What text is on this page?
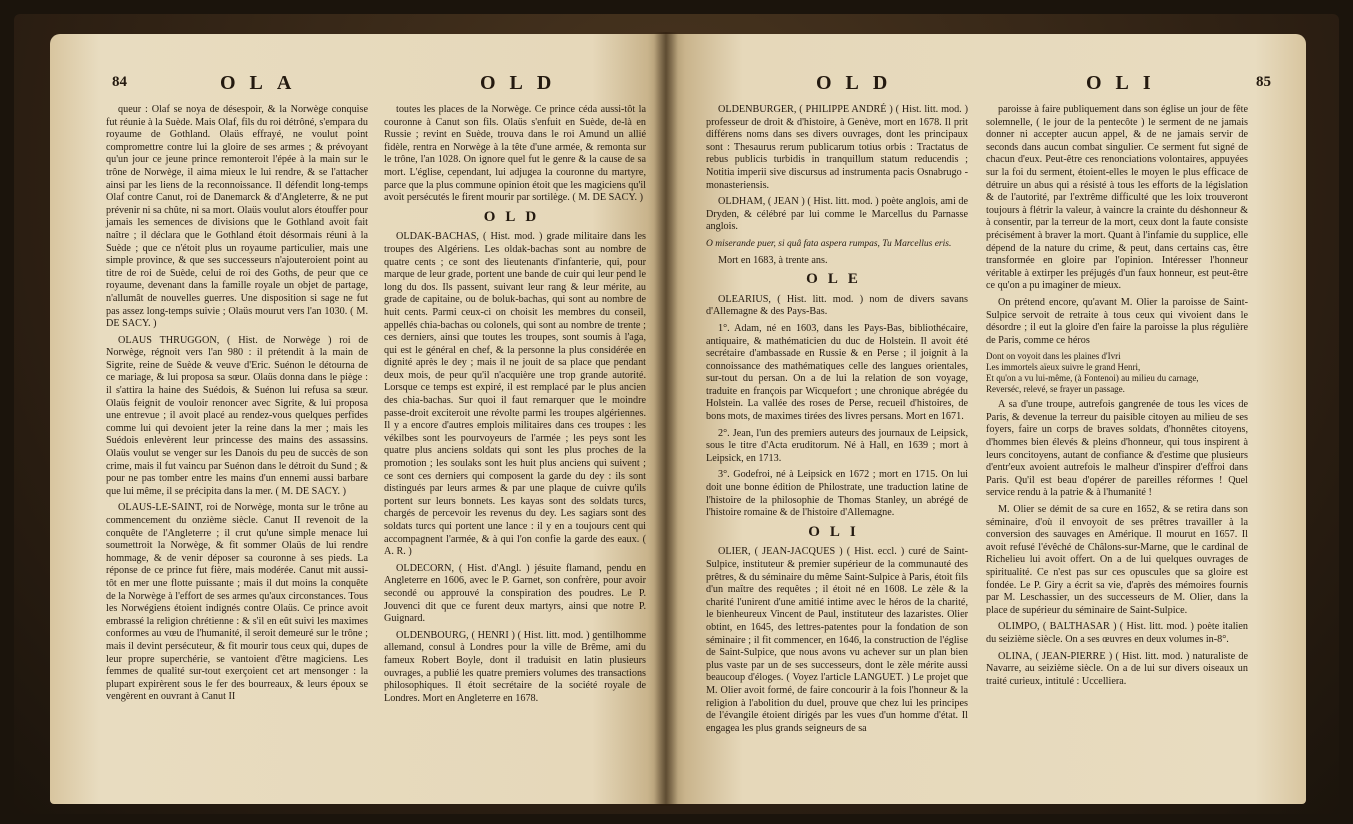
84	OLA	OLD

queur : Olaf se noya de désespoir, & la Norwège conquise fut réunie à la Suède. Mais Olaf, fils du roi détrôné, s'empara du royaume de Gothland. Olaüs effrayé, ne voulut point compromettre contre lui la gloire de ses armes ; & prévoyant qu'un jour ce jeune prince remonteroit l'épée à la main sur le trône de Norwège, il aima mieux le lui rendre, & se l'attacher ainsi par les liens de la reconnoissance. Il défendit long-temps Olaf contre Canut, roi de Danemarck & d'Angleterre, & ne put prévenir ni sa chûte, ni sa mort. Olaüs voulut alors étouffer pour jamais les semences de divisions que le Gothland avoit fait naître ; il déclara que le Gothland étoit désormais réuni à la Suède ; que ce n'étoit plus un royaume particulier, mais une simple province, & que ses successeurs n'ajouteroient point au titre de roi de Suède, celui de roi des Goths, de peur que ce royaume, devenant dans la famille royale un objet de partage, n'allumât de nouvelles guerres. Une disposition si sage ne fut pas assez long-temps suivie ; Olaüs mourut vers l'an 1030. ( M. DE SACY. )

OLAUS THRUGGON, ( Hist. de Norwège ) roi de Norwège, régnoit vers l'an 980 : il prétendit à la main de Sigrite, reine de Suède & veuve d'Eric. Suénon le détourna de ce mariage, & lui proposa sa sœur. Olaüs donna dans le piège : il s'attira la haine des Suédois, & Suénon lui refusa sa sœur. Olaüs feignit de vouloir renoncer avec Sigrite, & lui proposa une entrevue ; il avoit placé au rendez-vous quelques perfides comme lui qui devoient jeter la reine dans la mer ; mais les Suédois enlevèrent leur princesse des mains des assassins. Olaüs voulut se venger sur les Danois du peu de succès de son crime, mais il fut vaincu par Suénon dans le détroit du Sund ; & pour ne pas tomber entre les mains d'un ennemi aussi barbare que lui même, il se précipita dans la mer. ( M. DE SACY. )

OLAUS-LE-SAINT, roi de Norwège, monta sur le trône au commencement du onzième siècle. Canut II revenoit de la conquête de l'Angleterre ; il crut qu'une simple menace lui soumettroit la Norwège, & fit sommer Olaüs de lui rendre hommage, & de venir déposer sa couronne à ses pieds. La réponse de ce prince fut fière, mais modérée. Canut mit aussi-tôt en mer une flotte puissante ; mais il dut moins la conquête de la Norwège à l'effort de ses armes qu'aux circonstances. Tous les Norwégiens étoient indignés contre Olaüs. Ce prince avoit embrassé la religion chrétienne : & s'il en eût suivi les maximes conformes au vœu de l'humanité, il seroit demeuré sur le trône ; mais il devint persécuteur, & fit mourir tous ceux qui, dupes de leur propre superchérie, se vantoient d'être magiciens. Les femmes de qualité sur-tout exerçoient cet art mensonger : la plupart expirèrent sous le fer des bourreaux, & leurs époux se vengèrent en ouvrant à Canut II

toutes les places de la Norwège. Ce prince céda aussi-tôt la couronne à Canut son fils. Olaüs s'enfuit en Suède, de-là en Russie ; revint en Suède, trouva dans le roi Amund un allié fidèle, rentra en Norwège à la tête d'une armée, & remonta sur le trône, l'an 1028. On ignore quel fut le genre & la cause de sa mort. L'église, cependant, lui adjugea la couronne du martyre, parce que la plus commune opinion étoit que les magiciens qu'il avoit persécutés le firent mourir par sortilège. ( M. DE SACY. )

OLD

OLDAK-BACHAS, ( Hist. mod. ) grade militaire dans les troupes des Algériens. Les oldak-bachas sont au nombre de quatre cents ; ce sont des lieutenants d'infanterie, qui, pour marque de leur grade, portent une bande de cuir qui leur pend le long du dos. Ils passent, suivant leur rang & leur mérite, au grade de capitaine, ou de boluk-bachas, qui sont au nombre de huit cents. Parmi ceux-ci on choisit les membres du conseil, appellés chia-bachas ou colonels, qui sont au nombre de trente ; ces derniers, ainsi que toutes les troupes, sont soumis à l'aga, qui est le général en chef, & la personne la plus considérée en dignité après le dey ; mais il ne jouit de sa place que pendant deux mois, de peur qu'il n'acquière une trop grande autorité. Lorsque ce temps est expiré, il est remplacé par le plus ancien des chia-bachas. Sur quoi il faut remarquer que le moindre passe-droit exciteroit une révolte parmi les troupes algériennes. Il y a encore d'autres emplois militaires dans ces troupes : les vékilbes sont les pourvoyeurs de l'armée ; les peys sont les quatre plus anciens soldats qui sont les plus proches de la promotion ; les soulaks sont les huit plus anciens qui suivent ; ce sont ces derniers qui composent la garde du dey : ils sont distingués par leurs armes & par une plaque de cuivre qu'ils portent sur leurs bonnets. Les kayas sont des soldats turcs, chargés de percevoir les revenus du dey. Les sagiars sont des soldats turcs qui portent une lance : il y en a toujours cent qui accompagnent l'armée, & à qui l'on confie la garde des eaux. ( A. R. )

OLDECORN, ( Hist. d'Angl. ) jésuite flamand, pendu en Angleterre en 1606, avec le P. Garnet, son confrère, pour avoir secondé ou approuvé la conspiration des poudres. Le P. Jouvenci dit que ce furent deux martyrs, ainsi que notre P. Guignard.

OLDENBOURG, ( HENRI ) ( Hist. litt. mod. ) gentilhomme allemand, consul à Londres pour la ville de Brême, ami du fameux Robert Boyle, dont il traduisit en latin plusieurs ouvrages, a publié les quatre premiers volumes des transactions philosophiques. Il étoit secrétaire de la société royale de Londres. Mort en Angleterre en 1678.

OLD	OLI	85

OLDENBURGER, ( PHILIPPE ANDRÉ ) ( Hist. litt. mod. ) professeur de droit & d'histoire, à Genève, mort en 1678. Il prit différens noms dans ses divers ouvrages, dont les principaux sont : Thesaurus rerum publicarum totius orbis : Tractatus de rebus publicis turbidis in tranquillum statum reducendis ; Notitia imperii sive discursus ad instrumenta pacis Osnabrugo - monasteriensis.

OLDHAM, ( JEAN ) ( Hist. litt. mod. ) poète anglois, ami de Dryden, & célébré par lui comme le Marcellus du Parnasse anglois.

O miserande puer, si quâ fata aspera rumpas, Tu Marcellus eris.

Mort en 1683, à trente ans.

OLE

OLEARIUS, ( Hist. litt. mod. ) nom de divers savans d'Allemagne & des Pays-Bas.

1°. Adam, né en 1603, dans les Pays-Bas, bibliothécaire, antiquaire, & mathématicien du duc de Holstein. Il avoit été secrétaire d'ambassade en Russie & en Perse ; il joignit à la connoissance des mathématiques celle des langues orientales, sur-tout du persan. On a de lui la relation de son voyage, traduite en françois par Wicquefort ; une chronique abrégée du Holstein. La vallée des roses de Perse, recueil d'histoires, de bons mots, de maximes tirées des livres persans. Mort en 1671.

2°. Jean, l'un des premiers auteurs des journaux de Leipsick, sous le titre d'Acta eruditorum. Né à Hall, en 1639 ; mort à Leipsick, en 1713.

3°. Godefroi, né à Leipsick en 1672 ; mort en 1715. On lui doit une bonne édition de Philostrate, une traduction latine de l'histoire de la philosophie de Thomas Stanley, un abrégé de l'histoire romaine & de l'histoire d'Allemagne.

OLI

OLIER, ( JEAN-JACQUES ) ( Hist. eccl. ) curé de Saint-Sulpice, instituteur & premier supérieur de la communauté des prêtres, & du séminaire du même Saint-Sulpice à Paris, étoit fils d'un maître des requêtes ; il étoit né en 1608. Le zèle & la charité l'unirent d'une amitié intime avec le héros de la charité, le bienheureux Vincent de Paul, instituteur des lazaristes. Olier obtint, en 1645, des lettres-patentes pour la fondation de son séminaire ; il fit commencer, en 1646, la construction de l'église de Saint-Sulpice, que nous avons vu achever sur un plan bien plus vaste par un de ses successeurs, dont le zèle mérite aussi beaucoup d'éloges. ( Voyez l'article LANGUET. ) Le projet que M. Olier avoit formé, de faire concourir à la fois l'honneur & la religion à l'abolition du duel, prouve que chez lui les principes de l'évangile étoient dirigés par les vues d'un homme d'état. Il engagea les plus grands seigneurs de sa

paroisse à faire publiquement dans son église un jour de fête solemnelle, ( le jour de la pentecôte ) le serment de ne jamais donner ni accepter aucun appel, & de ne jamais servir de seconds dans aucun combat singulier. Ce serment fut signé de chacun d'eux. Peut-être ces renonciations volontaires, appuyées sur la foi du serment, étoient-elles le moyen le plus efficace de détruire un abus qui a résisté à tous les efforts de la législation & de l'autorité, par l'extrême difficulté que les loix trouveront toujours à flétrir la valeur, à vaincre la crainte du déshonneur & à consentir, par la terreur de la mort, ceux dont la faute consiste précisément à braver la mort. Quant à l'infamie du supplice, elle dépend de la nature du crime, & peut, dans certains cas, être transformée en gloire par l'opinion. Intéresser l'honneur véritable à extirper les préjugés d'un faux honneur, est peut-être ce qu'on a pu imaginer de mieux.

On prétend encore, qu'avant M. Olier la paroisse de Saint-Sulpice servoit de retraite à tous ceux qui vivoient dans le désordre ; il eut la gloire d'en faire la paroisse la plus régulière de Paris, comme ce héros

Dont on voyoit dans les plaines d'Ivri
Les immortels aïeux suivre le grand Henri,
Et qu'on a vu lui-même, (à Fontenoi) au milieu du carnage,
Reverséc, relevé, se frayer un passage.

A sa d'une troupe, autrefois gangrenée de tous les vices de Paris, & devenue la terreur du paisible citoyen au milieu de ses foyers, faire un corps de braves soldats, d'honnêtes citoyens, d'hommes bien élevés & pleins d'honneur, qui tous inspirent à leurs concitoyens, autant de confiance & d'estime que plusieurs d'entr'eux avoient autrefois le malheur d'inspirer d'effroi dans Paris. Qu'il est beau d'opérer de pareilles réformes ! Quel service rendu à la patrie & à l'humanité !

M. Olier se démit de sa cure en 1652, & se retira dans son séminaire, d'où il envoyoit de ses prêtres travailler à la conversion des sauvages en Amérique. Il mourut en 1657. Il avoit refusé l'évêché de Châlons-sur-Marne, que le cardinal de Richelieu lui avoit offert. On a de lui quelques ouvrages de spiritualité. Ce n'est pas sur ces opuscules que sa gloire est fondée. Le P. Giry a écrit sa vie, d'après des mémoires fournis par M. Leschassier, un des successeurs de M. Olier, dans la place de supérieur du séminaire de Saint-Sulpice.

OLIMPO, ( BALTHASAR ) ( Hist. litt. mod. ) poète italien du seizième siècle. On a ses œuvres en deux volumes in-8°.

OLINA, ( JEAN-PIERRE ) ( Hist. litt. mod. ) naturaliste de Navarre, au seizième siècle. On a de lui sur divers oiseaux un traité curieux, intitulé : Uccelliera.
